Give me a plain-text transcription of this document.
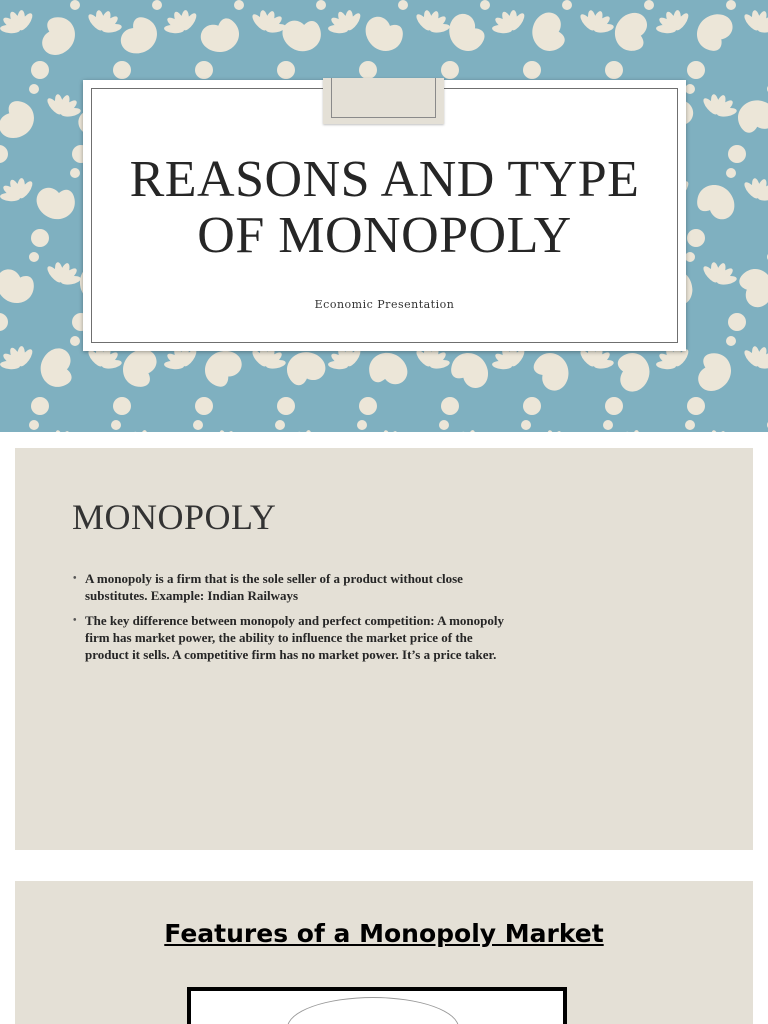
REASONS AND TYPE
OF MONOPOLY
Economic Presentation
MONOPOLY
• A monopoly is a firm that is the sole seller of a product without close substitutes. Example: Indian Railways
• The key difference between monopoly and perfect competition: A monopoly firm has market power, the ability to influence the market price of the product it sells. A competitive firm has no market power. It’s a price taker.
Features of a Monopoly Market
